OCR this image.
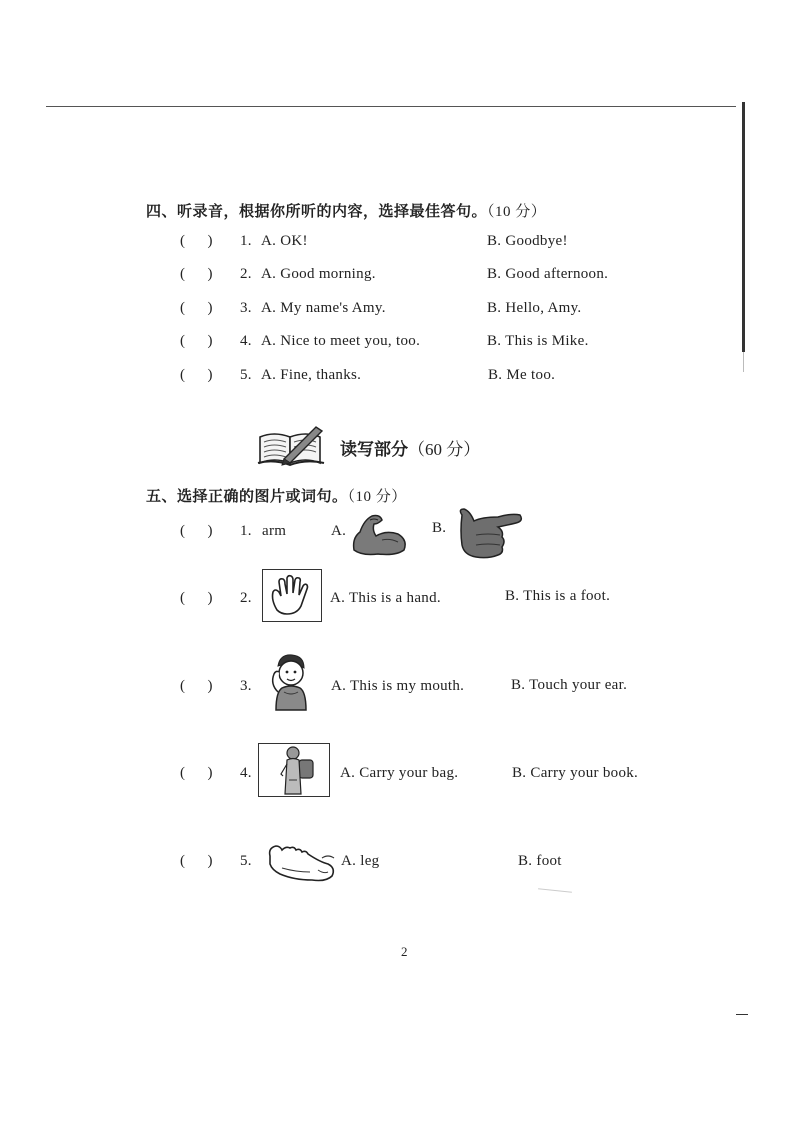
四、听录音，根据你所听的内容，选择最佳答句。（10 分）
(      ) 1. A. OK!	B. Goodbye!
(      ) 2. A. Good morning.	B. Good afternoon.
(      ) 3. A. My name's Amy.	B. Hello, Amy.
(      ) 4. A. Nice to meet you, too.	B. This is Mike.
(      ) 5. A. Fine, thanks.	B. Me too.
读写部分（60 分）
五、选择正确的图片或词句。（10 分）
(      ) 1. arm	A.	B.
(      ) 2.	A. This is a hand.	B. This is a foot.
(      ) 3.	A. This is my mouth.	B. Touch your ear.
(      ) 4.	A. Carry your bag.	B. Carry your book.
(      ) 5.	A. leg	B. foot
2
